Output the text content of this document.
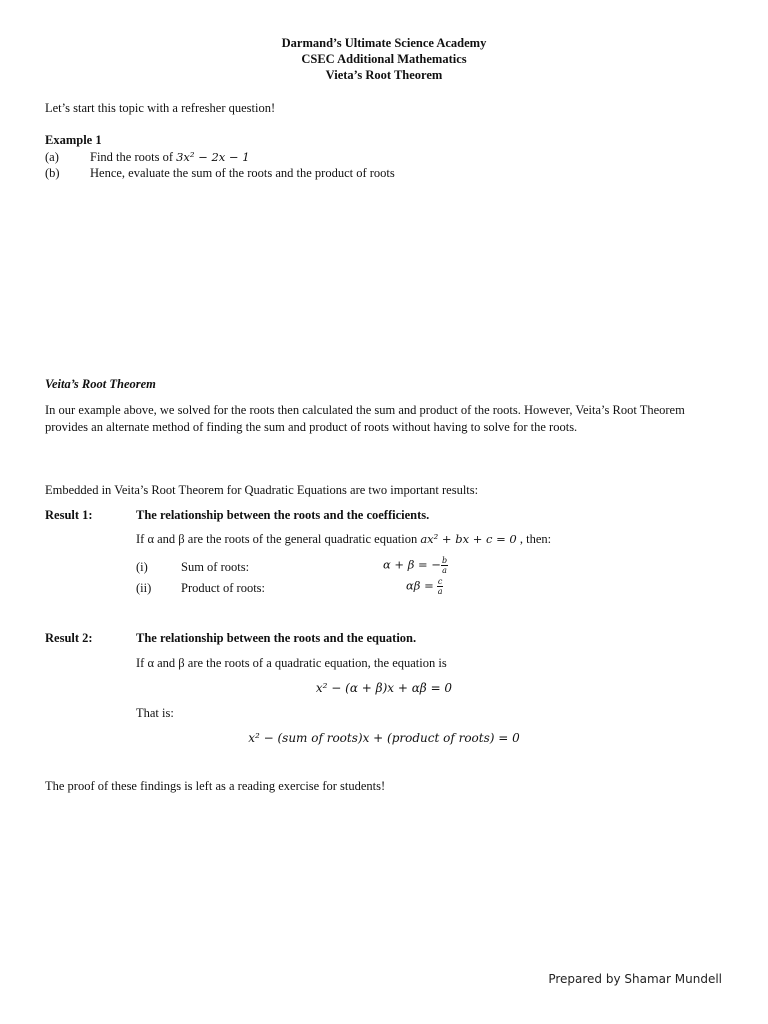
Darmand’s Ultimate Science Academy
CSEC Additional Mathematics
Vieta’s Root Theorem
Let’s start this topic with a refresher question!
Example 1
(a) Find the roots of 3x² − 2x − 1
(b) Hence, evaluate the sum of the roots and the product of roots
Veita’s Root Theorem
In our example above, we solved for the roots then calculated the sum and product of the roots. However, Veita’s Root Theorem provides an alternate method of finding the sum and product of roots without having to solve for the roots.
Embedded in Veita’s Root Theorem for Quadratic Equations are two important results:
Result 1:	The relationship between the roots and the coefficients.
If α and β are the roots of the general quadratic equation ax² + bx + c = 0 , then:
(i)	Sum of roots:	α + β = − $\frac{b}{a}$
(ii) Product of roots:	$\alpha\beta = \frac{c}{a}$
Result 2:	The relationship between the roots and the equation.
If α and β are the roots of a quadratic equation, the equation is
x² − (α + β)x + αβ = 0
That is:
x² − (sum of roots)x + (product of roots) = 0
The proof of these findings is left as a reading exercise for students!
Prepared by Shamar Mundell
